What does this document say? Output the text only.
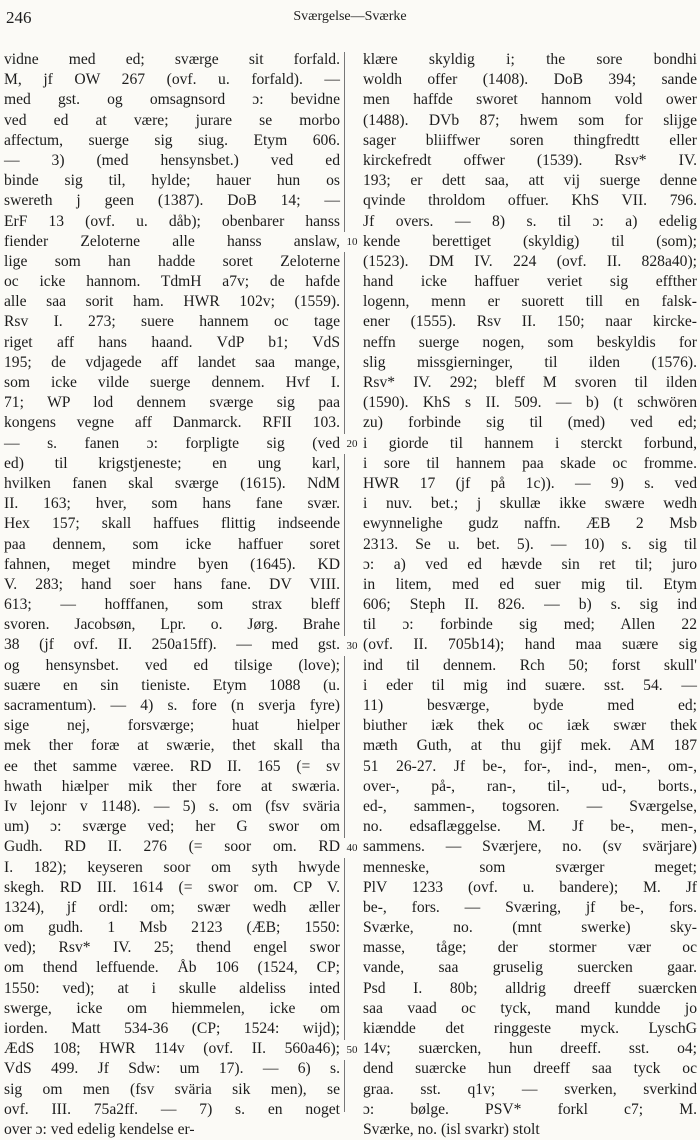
246	Sværgelse—Sværke
vidne med ed; sværge sit forfald.
M, jf OW 267 (ovf. u. forfald). —
med gst. og omsagnsord ɔ: bevidne
ved ed at være; jurare se morbo
affectum, suerge sig siug. Etym 606.
— 3) (med hensynsbet.) ved ed
binde sig til, hylde; hauer hun os
swereth j geen (1387). DoB 14; —
ErF 13 (ovf. u. dåb); obenbarer hanss
fiender Zeloterne alle hanss anslaw,
lige som han hadde soret Zeloterne
oc icke hannom. TdmH a7v; de hafde
alle saa sorit ham. HWR 102v; (1559).
Rsv I. 273; suere hannem oc tage
riget aff hans haand. VdP b1; VdS
195; de vdjagede aff landet saa mange,
som icke vilde suerge dennem. Hvf I.
71; WP lod dennem sværge sig paa
kongens vegne aff Danmarck. RFII 103.
— s. fanen ɔ: forpligte sig (ved
ed) til krigstjeneste; en ung karl,
hvilken fanen skal sværge (1615). NdM
II. 163; hver, som hans fane svær.
Hex 157; skall haffues flittig indseende
paa dennem, som icke haffuer soret
fahnen, meget mindre byen (1645). KD
V. 283; hand soer hans fane. DV VIII.
613; — hofffanen, som strax bleff
svoren. Jacobsøn, Lpr. o. Jørg. Brahe
38 (jf ovf. II. 250a15ff). — med gst.
og hensynsbet. ved ed tilsige (love);
suære en sin tieniste. Etym 1088 (u.
sacramentum). — 4) s. fore (n sverja fyre)
sige nej, forsværge; huat hielper
mek ther foræ at swærie, thet skall tha
ee thet samme væree. RD II. 165 (= sv
hwath hiælper mik ther fore at swæria.
Iv lejonr v 1148). — 5) s. om (fsv sväria
um) ɔ: sværge ved; her G swor om
Gudh. RD II. 276 (= soor om. RD
I. 182); keyseren soor om syth hwyde
skegh. RD III. 1614 (= swor om. CP V.
1324), jf ordl: om; swær wedh æller
om gudh. 1 Msb 2123 (ÆB; 1550:
ved); Rsv* IV. 25; thend engel swor
om thend leffuende. Åb 106 (1524, CP;
1550: ved); at i skulle aldeliss inted
swerge, icke om hiemmelen, icke om
iorden. Matt 534-36 (CP; 1524: wijd);
ÆdS 108; HWR 114v (ovf. II. 560a46);
VdS 499. Jf Sdw: um 17). — 6) s.
sig om men (fsv sväria sik men), se
ovf. III. 75a2ff. — 7) s. en noget
over ɔ: ved edelig kendelse er-
klære skyldig i; the sore bondhi
woldh offer (1408). DoB 394; sande
men haffde sworet hannom vold ower
(1488). DVb 87; hwem som for slijge
sager bliiffwer soren thingfredtt eller
kirckefredt offwer (1539). Rsv* IV.
193; er dett saa, att vij suerge denne
qvinde throldom offuer. KhS VII. 796.
Jf overs. — 8) s. til ɔ: a) edelig
kende berettiget (skyldig) til (som);
(1523). DM IV. 224 (ovf. II. 828a40);
hand icke haffuer veriet sig effther
logenn, menn er suorett till en falsk-
ener (1555). Rsv II. 150; naar kircke-
neffn suerge nogen, som beskyldis for
slig missgierninger, til ilden (1576).
Rsv* IV. 292; bleff M svoren til ilden
(1590). KhS s II. 509. — b) (t schwören
zu) forbinde sig til (med) ved ed;
i giorde til hannem i sterckt forbund,
i sore til hannem paa skade oc fromme.
HWR 17 (jf på 1c)). — 9) s. ved
i nuv. bet.; j skullæ ikke swære wedh
ewynnelighe gudz naffn. ÆB 2 Msb
2313. Se u. bet. 5). — 10) s. sig til
ɔ: a) ved ed hævde sin ret til; juro
in litem, med ed suer mig til. Etym
606; Steph II. 826. — b) s. sig ind
til ɔ: forbinde sig med; Allen 22
(ovf. II. 705b14); hand maa suære sig
ind til dennem. Rch 50; forst skull'
i eder til mig ind suære. sst. 54. —
11) besværge, byde med ed;
biuther iæk thek oc iæk swær thek
mæth Guth, at thu gijf mek. AM 187
51 26-27. Jf be-, for-, ind-, men-, om-,
over-, på-, ran-, til-, ud-, borts.,
ed-, sammen-, togsoren. — Sværgelse,
no. edsaflæggelse. M. Jf be-, men-,
sammens. — Sværjere, no. (sv svärjare)
menneske, som sværger meget;
PlV 1233 (ovf. u. bandere); M. Jf
be-, fors. — Sværing, jf be-, fors.
Sværke, no. (mnt swerke) sky-
masse, tåge; der stormer vær oc
vande, saa gruselig suercken gaar.
Psd I. 80b; alldrig dreeff suærcken
saa vaad oc tyck, mand kundde jo
kiændde det ringgeste myck. LyschG
14v; suærcken, hun dreeff. sst. o4;
dend suærcke hun dreeff saa tyck oc
graa. sst. q1v; — sverken, sverkind
ɔ: bølge. PSV* forkl c7; M.
Sværke, no. (isl svarkr) stolt
10
20
30
40
50
